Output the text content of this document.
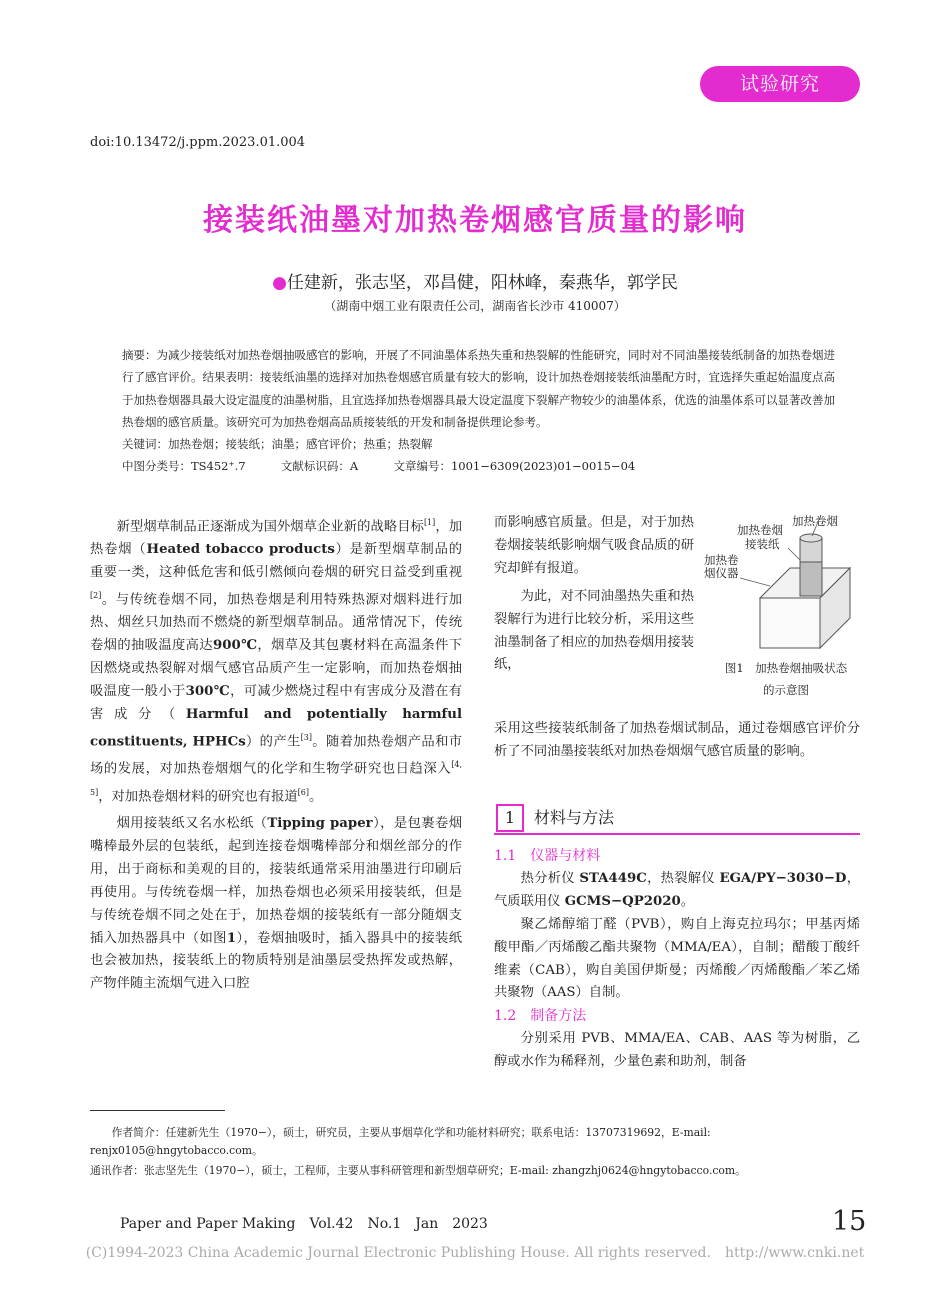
试验研究
doi:10.13472/j.ppm.2023.01.004
接装纸油墨对加热卷烟感官质量的影响
●任建新，张志坚，邓昌健，阳林峰，秦燕华，郭学民
（湖南中烟工业有限责任公司，湖南省长沙市 410007）

摘要：为减少接装纸对加热卷烟抽吸感官的影响，开展了不同油墨体系热失重和热裂解的性能研究，同时对不同油墨接装纸制备的加热卷烟进行了感官评价。结果表明：接装纸油墨的选择对加热卷烟感官质量有较大的影响，设计加热卷烟接装纸油墨配方时，宜选择失重起始温度点高于加热卷烟器具最大设定温度的油墨树脂，且宜选择加热卷烟器具最大设定温度下裂解产物较少的油墨体系，优选的油墨体系可以显著改善加热卷烟的感官质量。该研究可为加热卷烟高品质接装纸的开发和制备提供理论参考。

关键词：加热卷烟；接装纸；油墨；感官评价；热重；热裂解

中图分类号：TS452⁺.7	文献标识码：A	文章编号：1001−6309(2023)01−0015−04

新型烟草制品正逐渐成为国外烟草企业新的战略目标[1]，加热卷烟（Heated tobacco products）是新型烟草制品的重要一类，这种低危害和低引燃倾向卷烟的研究日益受到重视[2]。与传统卷烟不同，加热卷烟是利用特殊热源对烟料进行加热、烟丝只加热而不燃烧的新型烟草制品。通常情况下，传统卷烟的抽吸温度高达900℃，烟草及其包裹材料在高温条件下因燃烧或热裂解对烟气感官品质产生一定影响，而加热卷烟抽吸温度一般小于300℃，可减少燃烧过程中有害成分及潜在有害成分（Harmful and potentially harmful constituents, HPHCs）的产生[3]。随着加热卷烟产品和市场的发展，对加热卷烟烟气的化学和生物学研究也日趋深入[4, 5]，对加热卷烟材料的研究也有报道[6]。

烟用接装纸又名水松纸（Tipping paper），是包裹卷烟嘴棒最外层的包装纸，起到连接卷烟嘴棒部分和烟丝部分的作用，出于商标和美观的目的，接装纸通常采用油墨进行印刷后再使用。与传统卷烟一样，加热卷烟也必须采用接装纸，但是与传统卷烟不同之处在于，加热卷烟的接装纸有一部分随烟支插入加热器具中（如图1），卷烟抽吸时，插入器具中的接装纸也会被加热，接装纸上的物质特别是油墨层受热挥发或热解，产物伴随主流烟气进入口腔

而影响感官质量。但是，对于加热卷烟接装纸影响烟气吸食品质的研究却鲜有报道。

为此，对不同油墨热失重和热裂解行为进行比较分析，采用这些油墨制备了相应的加热卷烟用接装纸，

加热卷烟
加热卷烟
接装纸
加热卷
烟仪器
图1　加热卷烟抽吸状态
的示意图

采用这些接装纸制备了加热卷烟试制品，通过卷烟感官评价分析了不同油墨接装纸对加热卷烟烟气感官质量的影响。

1	材料与方法

1.1　仪器与材料

热分析仪 STA449C，热裂解仪 EGA/PY−3030−D，气质联用仪 GCMS−QP2020。

聚乙烯醇缩丁醛（PVB），购自上海克拉玛尔；甲基丙烯酸甲酯／丙烯酸乙酯共聚物（MMA/EA），自制；醋酸丁酸纤维素（CAB），购自美国伊斯曼；丙烯酸／丙烯酸酯／苯乙烯共聚物（AAS）自制。

1.2　制备方法

分别采用 PVB、MMA/EA、CAB、AAS 等为树脂，乙醇或水作为稀释剂，少量色素和助剂，制备

作者简介：任建新先生（1970−），硕士，研究员，主要从事烟草化学和功能材料研究；联系电话：13707319692，E-mail: renjx0105@hngytobacco.com。
通讯作者：张志坚先生（1970−），硕士，工程师，主要从事科研管理和新型烟草研究；E-mail: zhangzhj0624@hngytobacco.com。
Paper and Paper Making　Vol.42　No.1　Jan　2023	15
(C)1994-2023 China Academic Journal Electronic Publishing House. All rights reserved.　http://www.cnki.net
